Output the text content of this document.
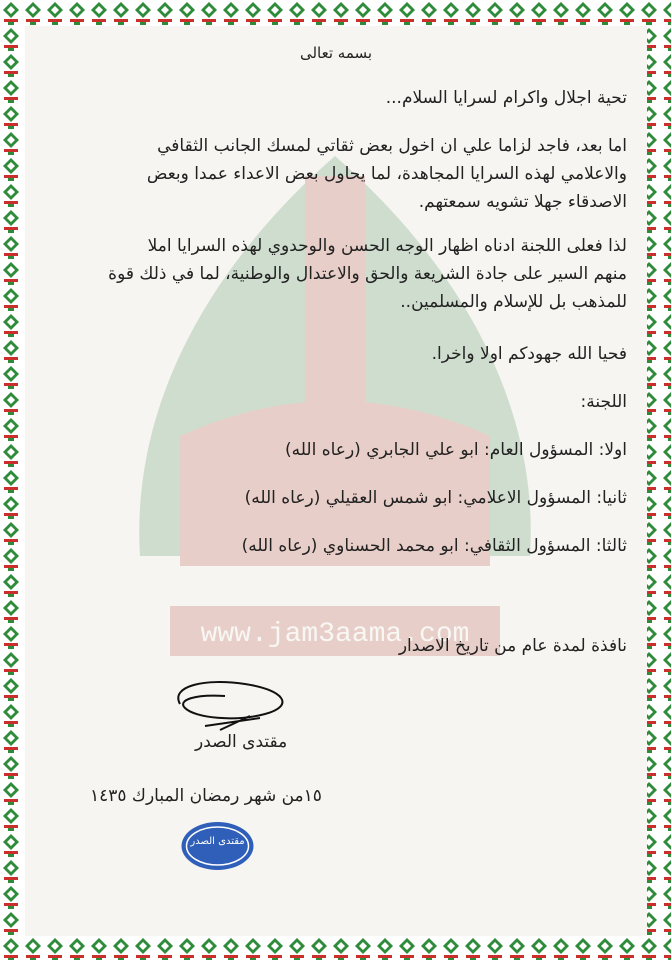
www.jam3aama.com
بسمه تعالى
تحية اجلال واكرام لسرايا السلام...
اما بعد، فاجد لزاما علي ان اخول بعض ثقاتي لمسك الجانب الثقافي
والاعلامي لهذه السرايا المجاهدة، لما يحاول بعض الاعداء عمدا وبعض
الاصدقاء جهلا تشويه سمعتهم.
لذا فعلى اللجنة ادناه اظهار الوجه الحسن والوحدوي لهذه السرايا املا
منهم السير على جادة الشريعة والحق والاعتدال والوطنية، لما في ذلك قوة
للمذهب بل للإسلام والمسلمين..
فحيا الله جهودكم اولا واخرا.
اللجنة:
اولا: المسؤول العام: ابو علي الجابري (رعاه الله)
ثانيا: المسؤول الاعلامي: ابو شمس العقيلي (رعاه الله)
ثالثا: المسؤول الثقافي: ابو محمد الحسناوي (رعاه الله)
نافذة لمدة عام من تاريخ الاصدار
مقتدى الصدر
١٥من شهر رمضان المبارك ١٤٣٥
مقتدى الصدر
